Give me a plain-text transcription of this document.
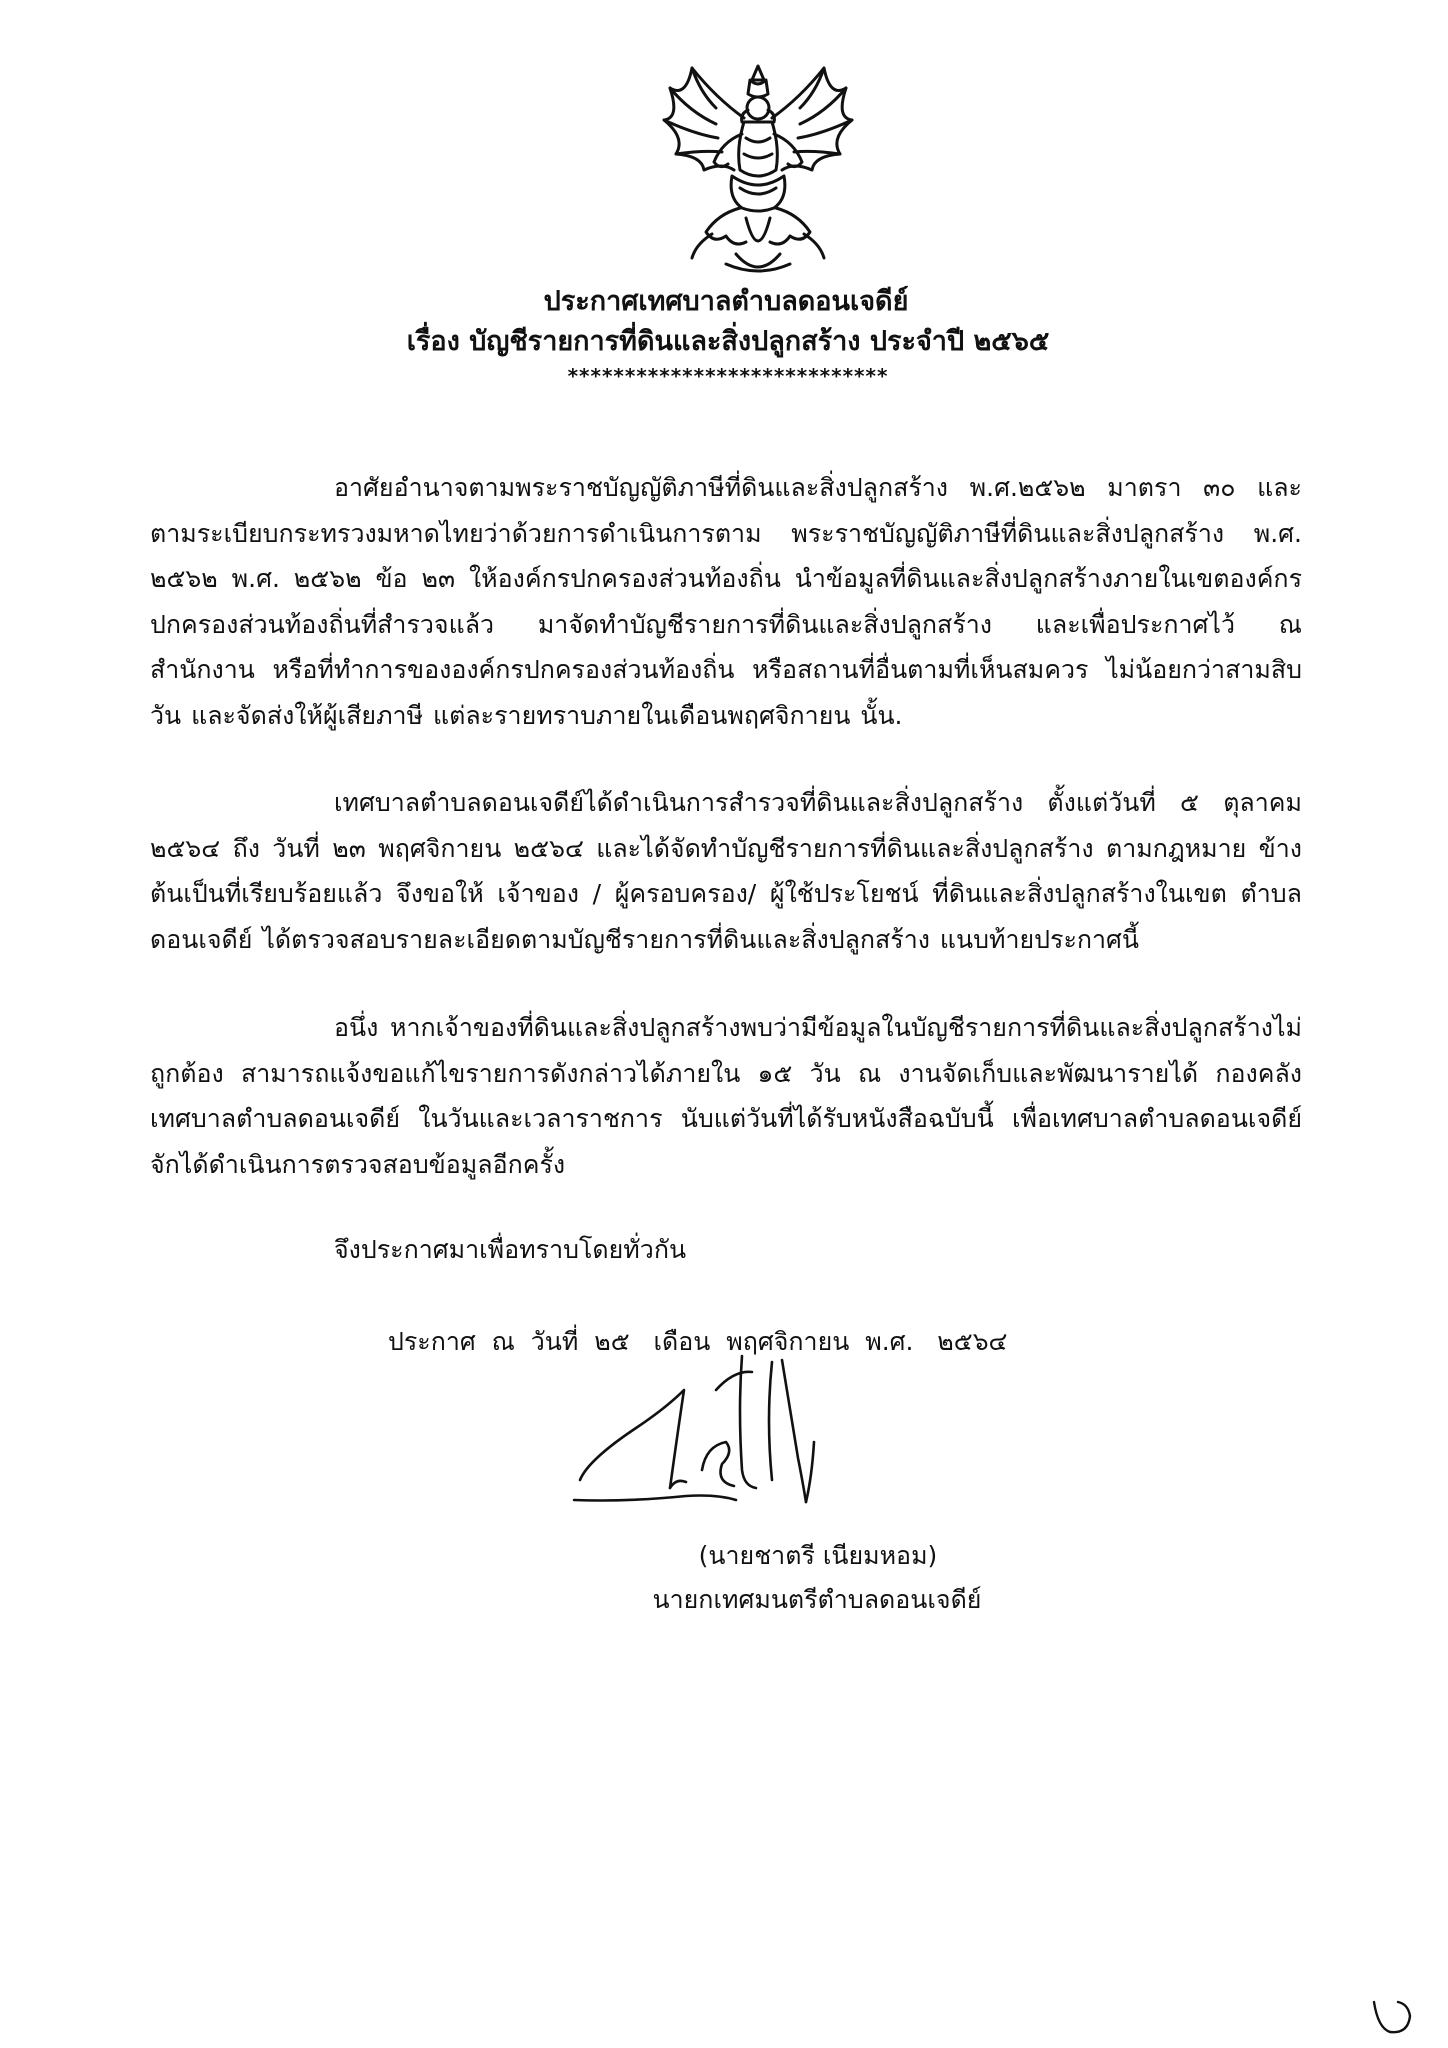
ประกาศเทศบาลตำบลดอนเจดีย์
เรื่อง บัญชีรายการที่ดินและสิ่งปลูกสร้าง ประจำปี ๒๕๖๕
****************************

อาศัยอำนาจตามพระราชบัญญัติภาษีที่ดินและสิ่งปลูกสร้าง พ.ศ.๒๕๖๒ มาตรา ๓๐ และ ตามระเบียบกระทรวงมหาดไทยว่าด้วยการดำเนินการตาม พระราชบัญญัติภาษีที่ดินและสิ่งปลูกสร้าง พ.ศ. ๒๕๖๒ พ.ศ. ๒๕๖๒ ข้อ ๒๓ ให้องค์กรปกครองส่วนท้องถิ่น นำข้อมูลที่ดินและสิ่งปลูกสร้างภายในเขตองค์กร ปกครองส่วนท้องถิ่นที่สำรวจแล้ว มาจัดทำบัญชีรายการที่ดินและสิ่งปลูกสร้าง และเพื่อประกาศไว้ ณ สำนักงาน หรือที่ทำการขององค์กรปกครองส่วนท้องถิ่น หรือสถานที่อื่นตามที่เห็นสมควร ไม่น้อยกว่าสามสิบ วัน และจัดส่งให้ผู้เสียภาษี แต่ละรายทราบภายในเดือนพฤศจิกายน นั้น.

เทศบาลตำบลดอนเจดีย์ได้ดำเนินการสำรวจที่ดินและสิ่งปลูกสร้าง ตั้งแต่วันที่ ๕ ตุลาคม ๒๕๖๔ ถึง วันที่ ๒๓ พฤศจิกายน ๒๕๖๔ และได้จัดทำบัญชีรายการที่ดินและสิ่งปลูกสร้าง ตามกฎหมาย ข้างต้นเป็นที่เรียบร้อยแล้ว จึงขอให้ เจ้าของ / ผู้ครอบครอง/ ผู้ใช้ประโยชน์ ที่ดินและสิ่งปลูกสร้างในเขต ตำบลดอนเจดีย์ ได้ตรวจสอบรายละเอียดตามบัญชีรายการที่ดินและสิ่งปลูกสร้าง แนบท้ายประกาศนี้

อนึ่ง หากเจ้าของที่ดินและสิ่งปลูกสร้างพบว่ามีข้อมูลในบัญชีรายการที่ดินและสิ่งปลูกสร้างไม่ ถูกต้อง สามารถแจ้งขอแก้ไขรายการดังกล่าวได้ภายใน ๑๕ วัน ณ งานจัดเก็บและพัฒนารายได้ กองคลัง เทศบาลตำบลดอนเจดีย์ ในวันและเวลาราชการ นับแต่วันที่ได้รับหนังสือฉบับนี้ เพื่อเทศบาลตำบลดอนเจดีย์ จักได้ดำเนินการตรวจสอบข้อมูลอีกครั้ง

จึงประกาศมาเพื่อทราบโดยทั่วกัน
ประกาศ  ณ  วันที่  ๒๕   เดือน  พฤศจิกายน  พ.ศ.   ๒๕๖๔
(นายชาตรี เนียมหอม)
นายกเทศมนตรีตำบลดอนเจดีย์
